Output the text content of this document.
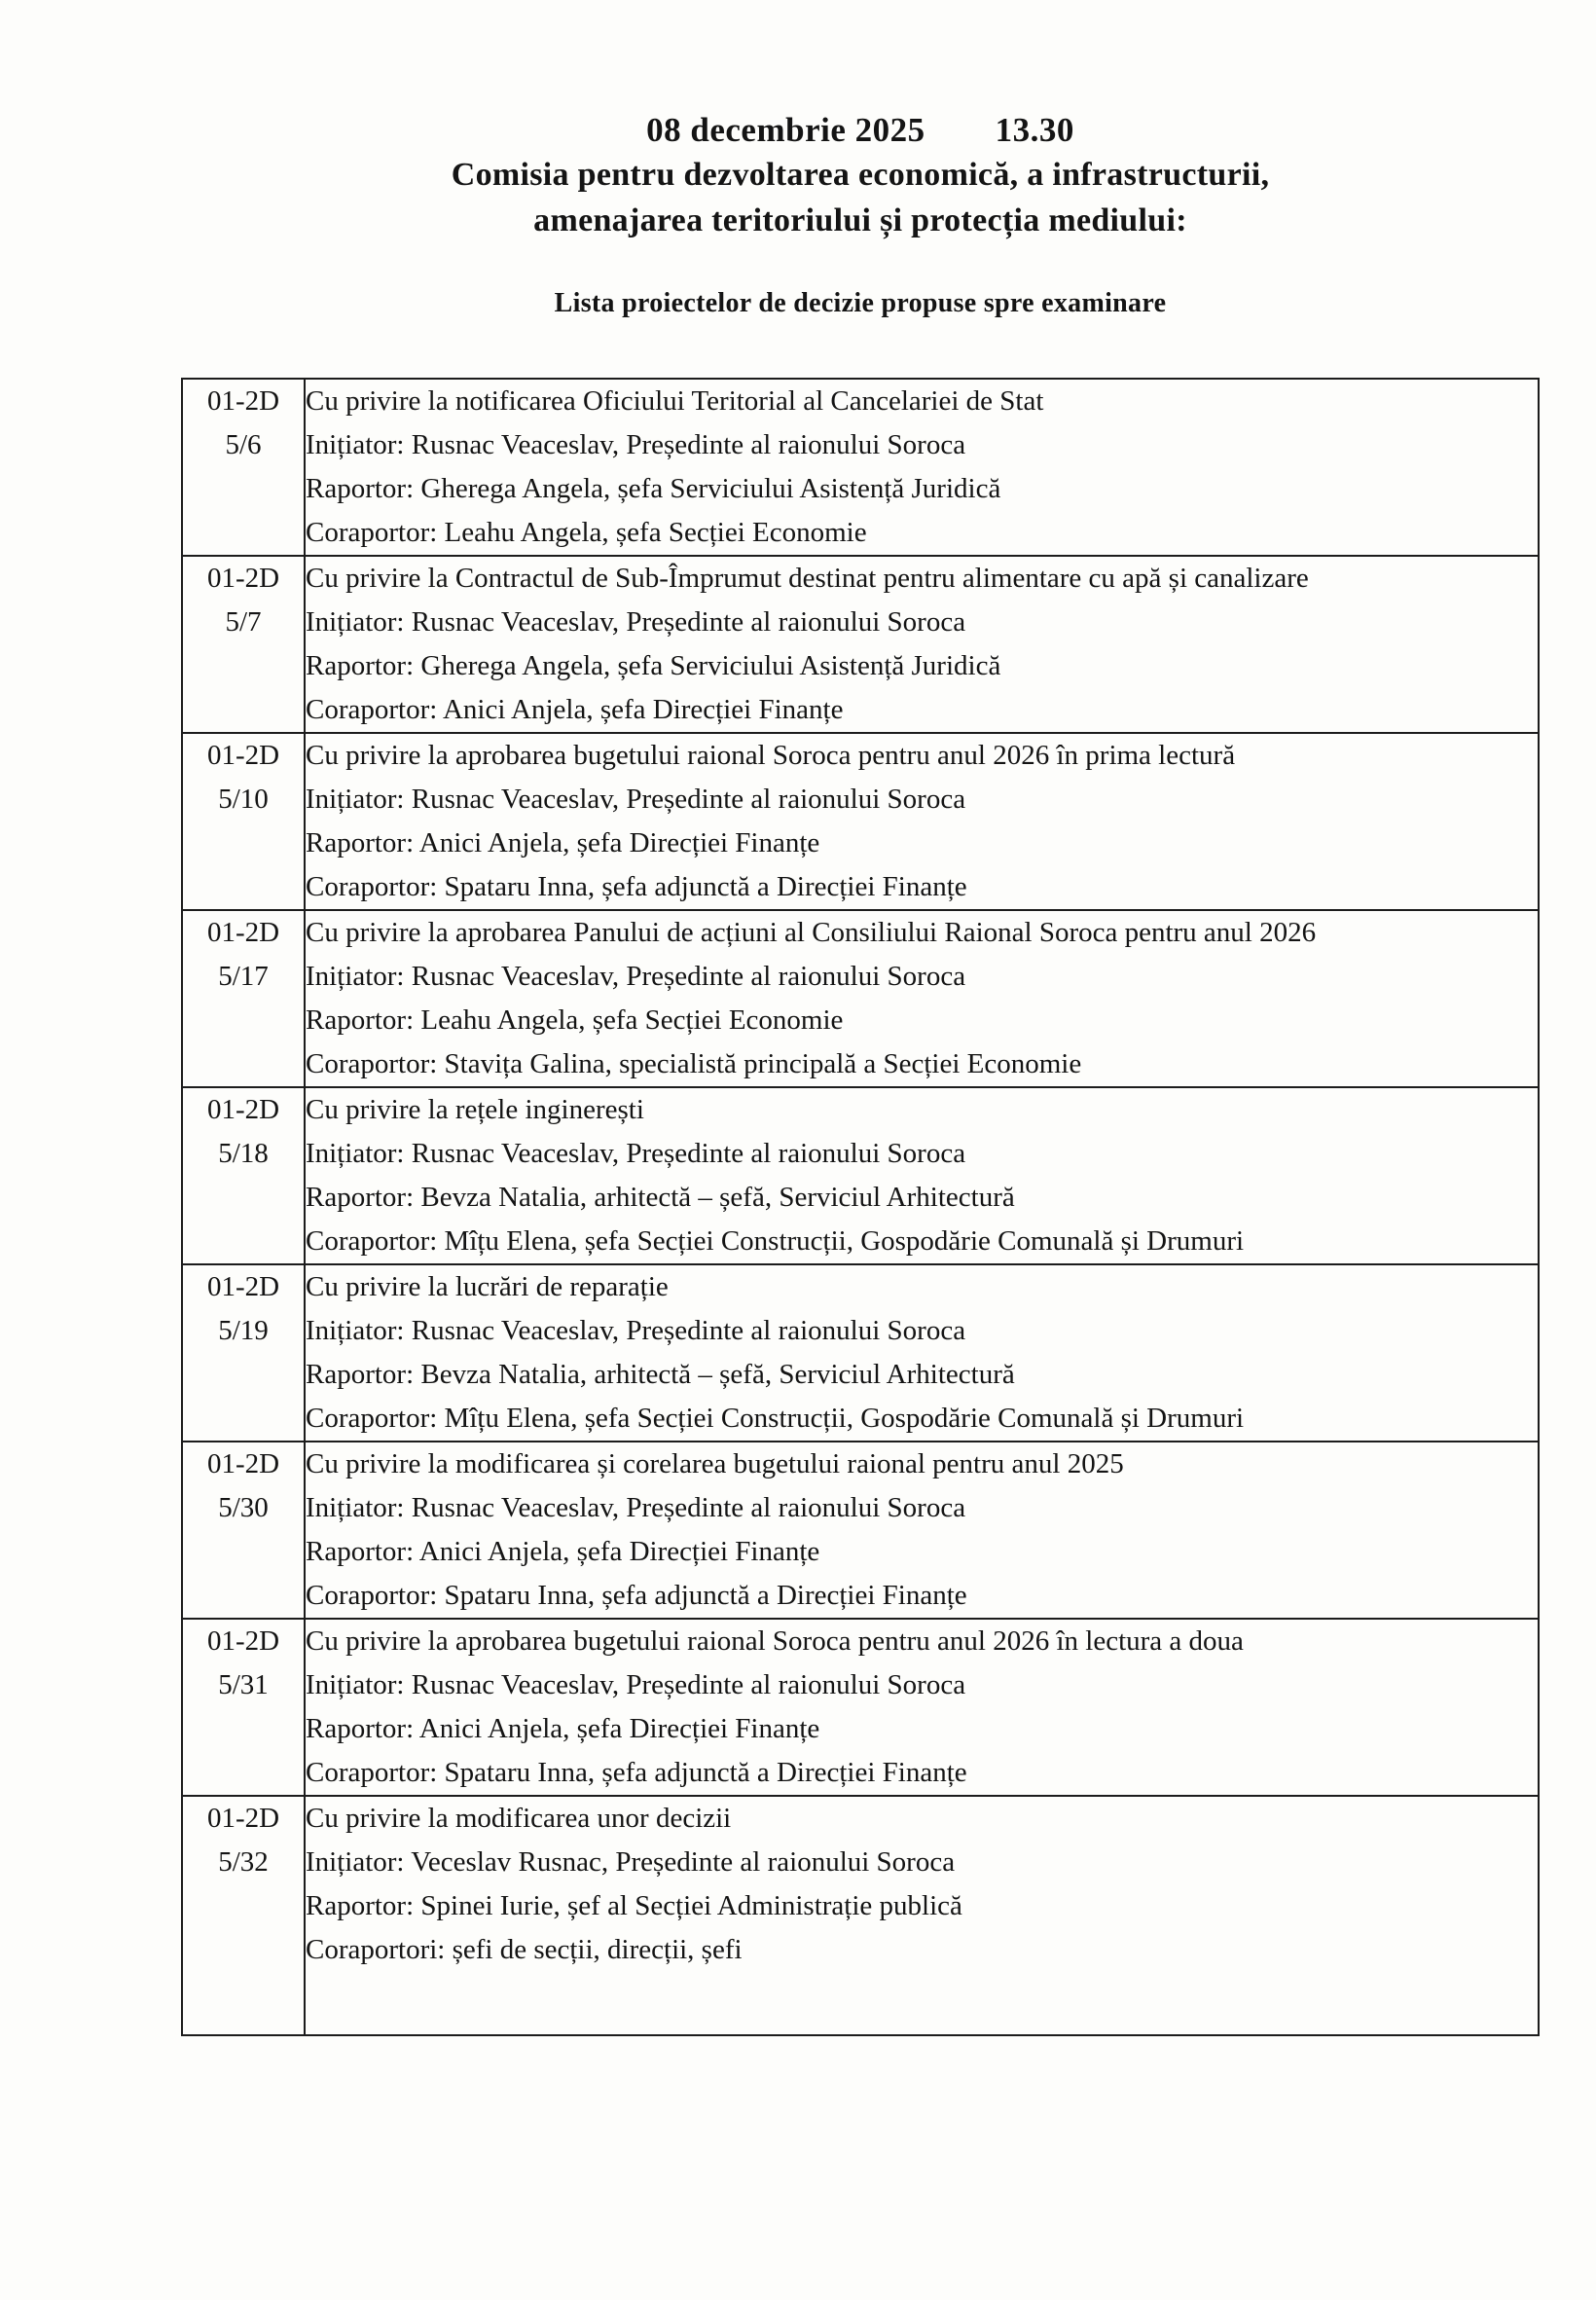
08 decembrie 2025 13.30
Comisia pentru dezvoltarea economică, a infrastructurii,
amenajarea teritoriului și protecția mediului:
Lista proiectelor de decizie propuse spre examinare
01-2D
5/6

Cu privire la notificarea Oficiului Teritorial al Cancelariei de Stat
Inițiator: Rusnac Veaceslav, Președinte al raionului Soroca
Raportor: Gherega Angela, șefa Serviciului Asistență Juridică
Coraportor: Leahu Angela, șefa Secției Economie

01-2D
5/7

Cu privire la Contractul de Sub-Împrumut destinat pentru alimentare cu apă și canalizare
Inițiator: Rusnac Veaceslav, Președinte al raionului Soroca
Raportor: Gherega Angela, șefa Serviciului Asistență Juridică
Coraportor: Anici Anjela, șefa Direcției Finanțe

01-2D
5/10

Cu privire la aprobarea bugetului raional Soroca pentru anul 2026 în prima lectură
Inițiator: Rusnac Veaceslav, Președinte al raionului Soroca
Raportor: Anici Anjela, șefa Direcției Finanțe
Coraportor: Spataru Inna, șefa adjunctă a Direcției Finanțe

01-2D
5/17

Cu privire la aprobarea Panului de acțiuni al Consiliului Raional Soroca pentru anul 2026
Inițiator: Rusnac Veaceslav, Președinte al raionului Soroca
Raportor: Leahu Angela, șefa Secției Economie
Coraportor: Stavița Galina, specialistă principală a Secției Economie

01-2D
5/18

Cu privire la rețele inginerești
Inițiator: Rusnac Veaceslav, Președinte al raionului Soroca
Raportor: Bevza Natalia, arhitectă – șefă, Serviciul Arhitectură
Coraportor: Mîțu Elena, șefa Secției Construcții, Gospodărie Comunală și Drumuri

01-2D
5/19

Cu privire la lucrări de reparație
Inițiator: Rusnac Veaceslav, Președinte al raionului Soroca
Raportor: Bevza Natalia, arhitectă – șefă, Serviciul Arhitectură
Coraportor: Mîțu Elena, șefa Secției Construcții, Gospodărie Comunală și Drumuri

01-2D
5/30

Cu privire la modificarea și corelarea bugetului raional pentru anul 2025
Inițiator: Rusnac Veaceslav, Președinte al raionului Soroca
Raportor: Anici Anjela, șefa Direcției Finanțe
Coraportor: Spataru Inna, șefa adjunctă a Direcției Finanțe

01-2D
5/31

Cu privire la aprobarea bugetului raional Soroca pentru anul 2026 în lectura a doua
Inițiator: Rusnac Veaceslav, Președinte al raionului Soroca
Raportor: Anici Anjela, șefa Direcției Finanțe
Coraportor: Spataru Inna, șefa adjunctă a Direcției Finanțe

01-2D
5/32

Cu privire la modificarea unor decizii
Inițiator: Veceslav Rusnac, Președinte al raionului Soroca
Raportor: Spinei Iurie, șef al Secției Administrație publică
Coraportori: șefi de secții, direcții, șefi
